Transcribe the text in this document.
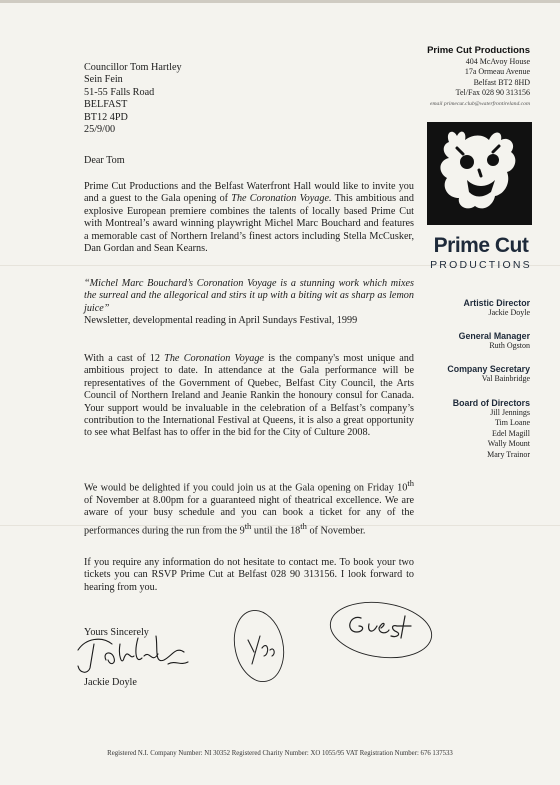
Councillor Tom Hartley
Sein Fein
51-55 Falls Road
BELFAST
BT12 4PD
25/9/00
Dear Tom

Prime Cut Productions and the Belfast Waterfront Hall would like to invite you and a guest to the Gala opening of The Coronation Voyage. This ambitious and explosive European premiere combines the talents of locally based Prime Cut with Montreal’s award winning playwright Michel Marc Bouchard and features a memorable cast of Northern Ireland’s finest actors including Stella McCusker, Dan Gordan and Sean Kearns.

“Michel Marc Bouchard’s Coronation Voyage is a stunning work which mixes the surreal and the allegorical and stirs it up with a biting wit as sharp as lemon juice”

Newsletter, developmental reading in April Sundays Festival, 1999

With a cast of 12 The Coronation Voyage is the company's most unique and ambitious project to date. In attendance at the Gala performance will be representatives of the Government of Quebec, Belfast City Council, the Arts Council of Northern Ireland and Jeanie Rankin the honoury consul for Canada. Your support would be invaluable in the celebration of a Belfast’s company’s contribution to the International Festival at Queens, it is also a great opportunity to see what Belfast has to offer in the bid for the City of Culture 2008.

We would be delighted if you could join us at the Gala opening on Friday 10th of November at 8.00pm for a guaranteed night of theatrical excellence. We are aware of your busy schedule and you can book a ticket for any of the performances during the run from the 9th until the 18th of November.

If you require any information do not hesitate to contact me. To book your two tickets you can RSVP Prime Cut at Belfast 028 90 313156. I look forward to hearing from you.

Yours Sincerely
Jackie Doyle
Prime Cut Productions
404 McAvoy House
17a Ormeau Avenue
Belfast BT2 8HD
Tel/Fax 028 90 313156
email primecut.club@waterfrontireland.com
Prime Cut
PRODUCTIONS
Artistic Director
Jackie Doyle
General Manager
Ruth Ogston
Company Secretary
Val Bainbridge
Board of Directors
Jill Jennings
Tim Loane
Edel Magill
Wally Mount
Mary Trainor
Registered N.I. Company Number: NI 30352 Registered Charity Number: XO 1055/95 VAT Registration Number: 676 137533
